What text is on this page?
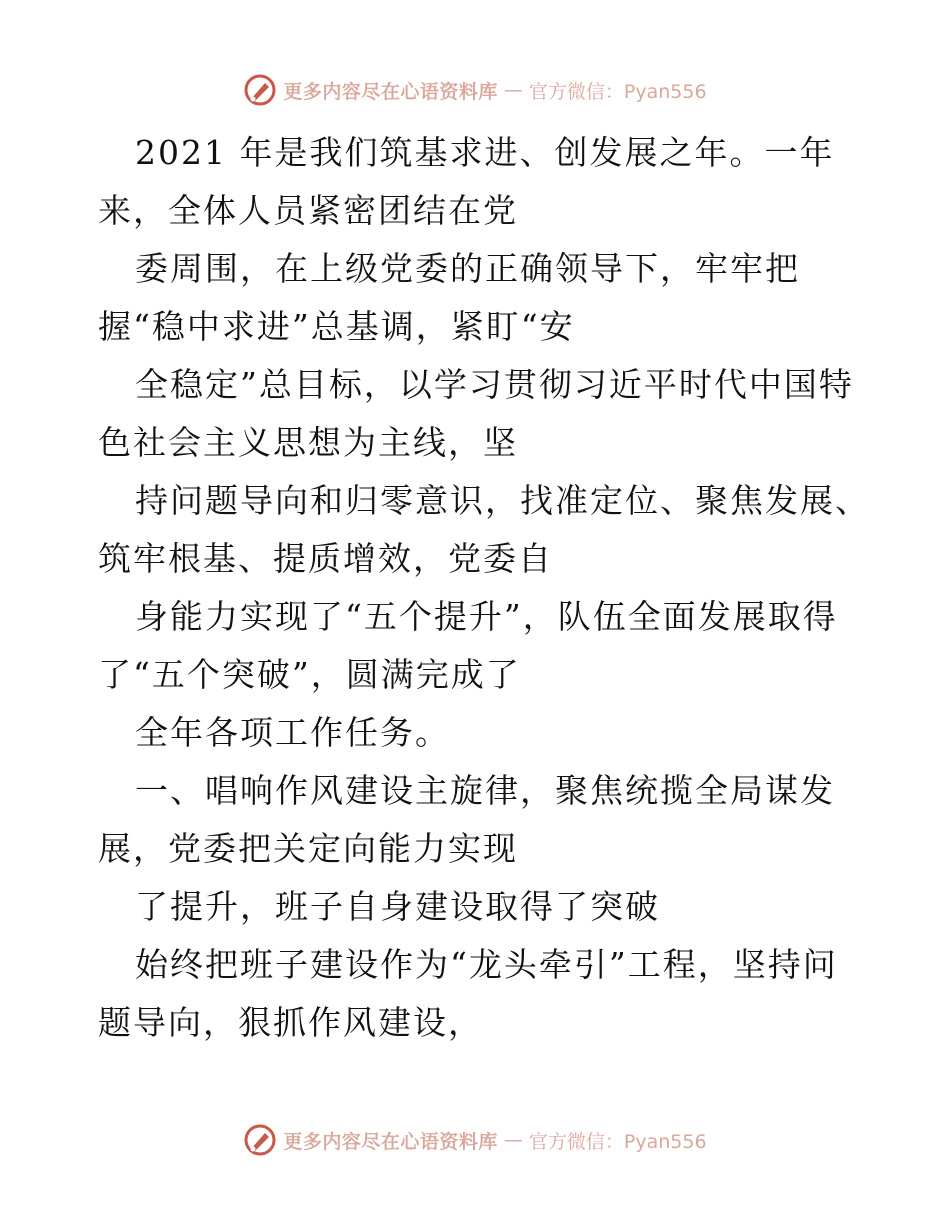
更多内容尽在心语资料库 — 官方微信：Pyan556
2021 年是我们筑基求进、创发展之年。一年
来，全体人员紧密团结在党
委周围，在上级党委的正确领导下，牢牢把
握“稳中求进”总基调，紧盯“安
全稳定”总目标，以学习贯彻习近平时代中国特
色社会主义思想为主线，坚
持问题导向和归零意识，找准定位、聚焦发展、
筑牢根基、提质增效，党委自
身能力实现了“五个提升”，队伍全面发展取得
了“五个突破”，圆满完成了
全年各项工作任务。
一、唱响作风建设主旋律，聚焦统揽全局谋发
展，党委把关定向能力实现
了提升，班子自身建设取得了突破
始终把班子建设作为“龙头牵引”工程，坚持问
题导向，狠抓作风建设，
更多内容尽在心语资料库 — 官方微信：Pyan556
